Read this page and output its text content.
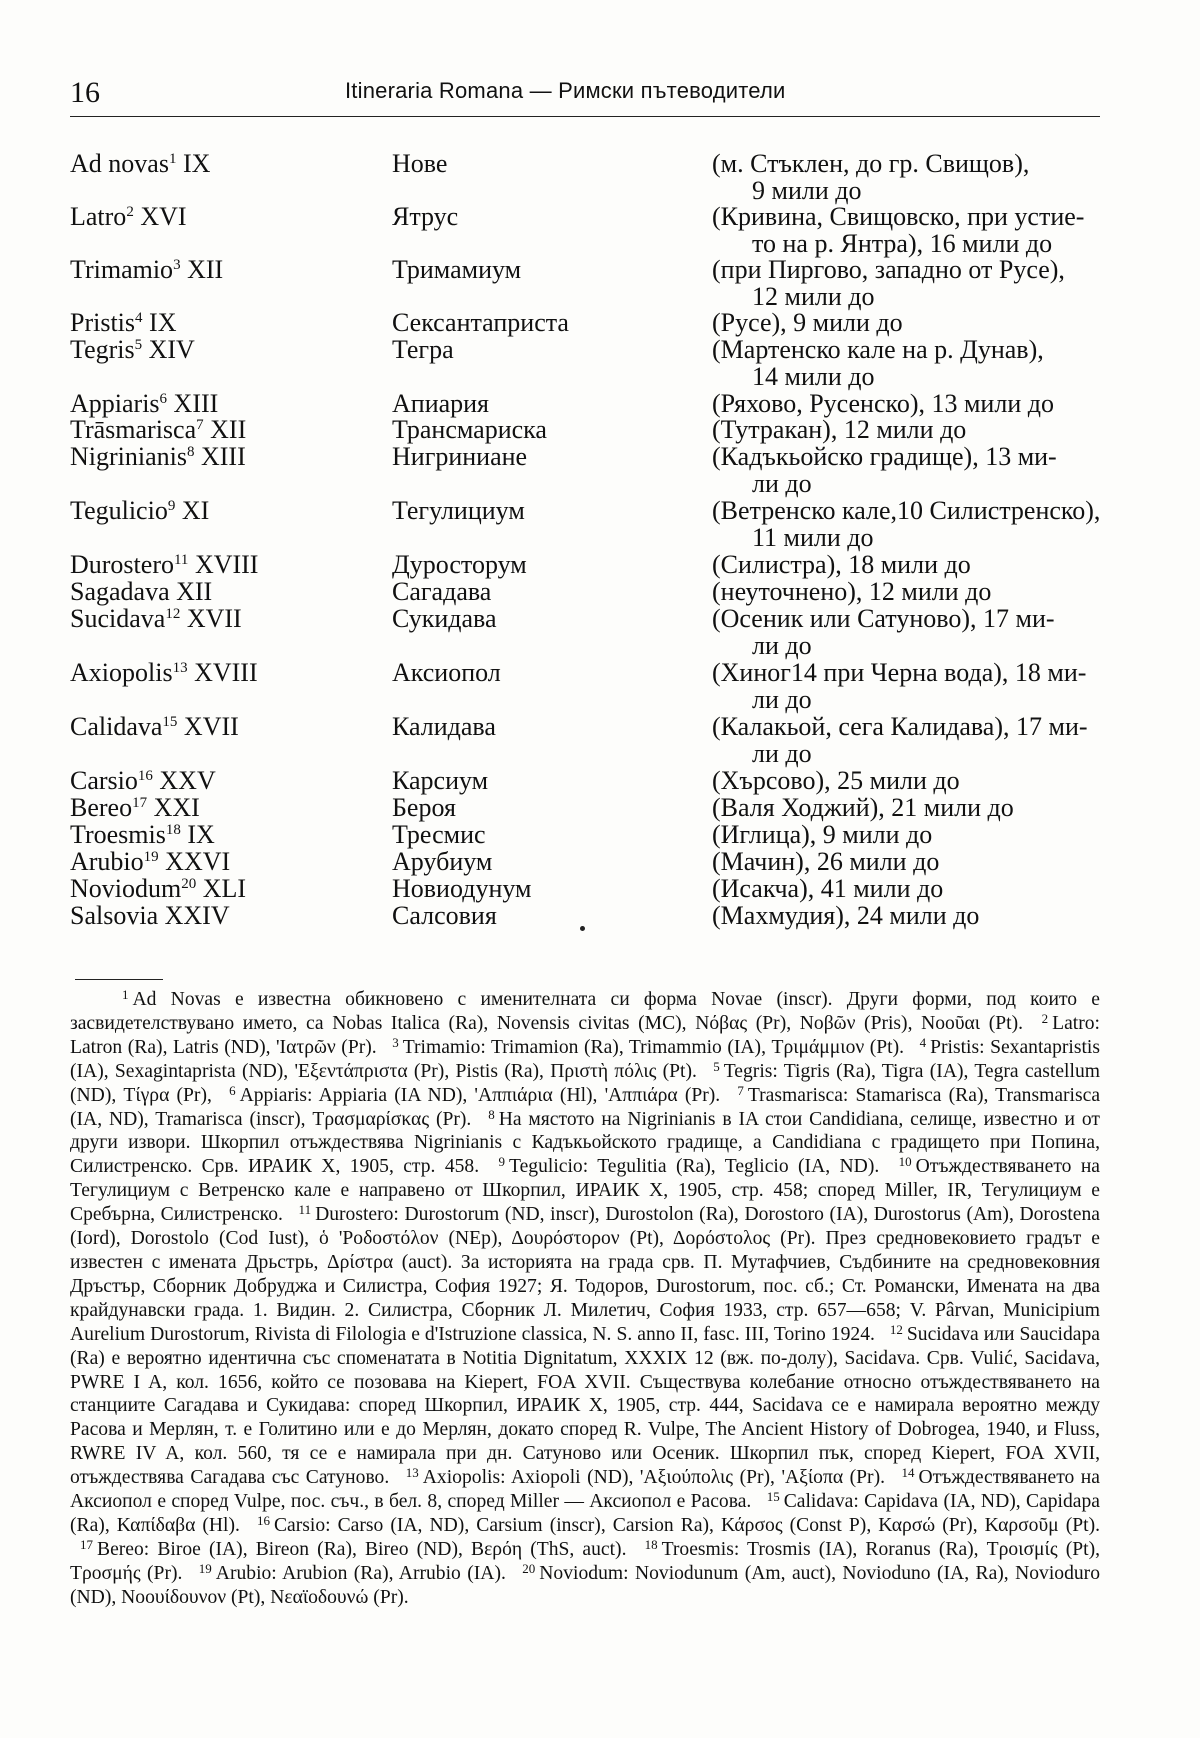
16	Itineraria Romana — Римски пътеводители
Ad novas$^1$ IX	Нове	(м. Стъклен, до гр. Свищов),
9 мили до
Latro$^2$ XVI	Ятрус	(Кривина, Свищовско, при устие-
то на р. Янтра), 16 мили до
Trimamio$^3$ XII	Тримамиум	(при Пиргово, западно от Русе),
12 мили до
Pristis$^4$ IX	Сексантаприста	(Русе), 9 мили до
Tegris$^5$ XIV	Тегра	(Мартенско кале на р. Дунав),
14 мили до
Appiaris$^6$ XIII	Апиария	(Ряхово, Русенско), 13 мили до
Trāsmarisca$^7$ XII	Трансмариска	(Тутракан), 12 мили до
Nigrinianis$^8$ XIII	Нигриниане	(Кадъкьойско градище), 13 ми-
ли до
Tegulicio$^9$ XI	Тегулициум	(Ветренско кале,10 Силистренско),
11 мили до
Durostero$^{11}$ XVIII	Дуросторум	(Силистра), 18 мили до
Sagadava XII	Сагадава	(неуточнено), 12 мили до
Sucidava$^{12}$ XVII	Сукидава	(Осеник или Сатуново), 17 ми-
ли до
Axiopolis$^{13}$ XVIII	Аксиопол	(Хиног14 при Черна вода), 18 ми-
ли до
Calidava$^{15}$ XVII	Калидава	(Калакьой, сега Калидава), 17 ми-
ли до
Carsio$^{16}$ XXV	Карсиум	(Хърсово), 25 мили до
Bereo$^{17}$ XXI	Бероя	(Валя Ходжий), 21 мили до
Troesmis$^{18}$ IX	Тресмис	(Иглица), 9 мили до
Arubio$^{19}$ XXVI	Арубиум	(Мачин), 26 мили до
Noviodum$^{20}$ XLI	Новиодунум	(Исакча), 41 мили до
Salsovia XXIV	Салсовия	(Махмудия), 24 мили до
$^1$ Ad Novas е известна обикновено с именителната си форма Novae (inscr). Други форми, под които е засвидетелствувано името, са Nobas Italica (Ra), Novensis civitas (MC), Νόβας (Pr), Νοβῶν (Pris), Νοοῦαι (Pt). $^2$ Latro: Latron (Ra), Latris (ND), 'Ιατρῶν (Pr). $^3$ Trimamio: Trimamion (Ra), Trimammio (IA), Τριμάμμιον (Pt). $^4$ Pristis: Sexantapristis (IA), Sexagintaprista (ND), 'Εξεντάπριστα (Pr), Pistis (Ra), Πριστὴ πόλις (Pt). $^5$ Tegris: Tigris (Ra), Tigra (IA), Tegra castellum (ND), Τίγρα (Pr), $^6$ Appiaris: Appiaria (IA ND), 'Αππιάρια (Hl), 'Αππιάρα (Pr). $^7$ Trasmarisca: Stamarisca (Ra), Transmarisca (IA, ND), Tramarisca (inscr), Τρασμαρίσκας (Pr). $^8$ На мястото на Nigrinianis в IA стои Candidiana, селище, известно и от други извори. Шкорпил отъждествява Nigrinianis с Кадъкьойското градище, а Candidiana с градището при Попина, Силистренско. Срв. ИРАИК X, 1905, стр. 458. $^9$ Tegulicio: Tegulitia (Ra), Teglicio (IA, ND). $^{10}$ Отъждествяването на Тегулициум с Ветренско кале е направено от Шкорпил, ИРАИК X, 1905, стр. 458; според Miller, IR, Тегулициум е Сребърна, Силистренско. $^{11}$ Durostero: Durostorum (ND, inscr), Durostolon (Ra), Dorostoro (IA), Durostorus (Am), Dorostena (Iord), Dorostolo (Cod Iust), ὁ 'Ροδοστόλον (NEp), Δουρόστορον (Pt), Δορόστολος (Pr). През средновековието градът е известен с имената Дрьстрь, Δρίστρα (auct). За историята на града срв. П. Мутафчиев, Съдбините на средновековния Дръстър, Сборник Добруджа и Силистра, София 1927; Я. Тодоров, Durostorum, пос. сб.; Ст. Романски, Имената на два крайдунавски града. 1. Видин. 2. Силистра, Сборник Л. Милетич, София 1933, стр. 657—658; V. Pârvan, Municipium Aurelium Durostorum, Rivista di Filologia e d'Istruzione classica, N. S. anno II, fasc. III, Torino 1924. $^{12}$ Sucidava или Saucidapa (Ra) е вероятно идентична със споменатата в Notitia Dignitatum, XXXIX 12 (вж. по-долу), Sacidava. Срв. Vulić, Sacidava, PWRE I A, кол. 1656, който се позовава на Kiepert, FOA XVII. Съществува колебание относно отъждествяването на станциите Сагадава и Сукидава: според Шкорпил, ИРАИК X, 1905, стр. 444, Sacidava се е намирала вероятно между Расова и Мерлян, т. е Голитино или е до Мерлян, докато според R. Vulpe, The Ancient History of Dobrogea, 1940, и Fluss, RWRE IV A, кол. 560, тя се е намирала при дн. Сатуново или Осеник. Шкорпил пък, според Kiepert, FOA XVII, отъждествява Сагадава със Сатуново. $^{13}$ Axiopolis: Axiopoli (ND), 'Αξιούπολις (Pr), 'Αξίοπα (Pr). $^{14}$ Отъждествяването на Аксиопол е според Vulpe, пос. съч., в бел. 8, според Miller — Аксиопол е Расова. $^{15}$ Calidava: Capidava (IA, ND), Capidapa (Ra), Καπίδαβα (Hl). $^{16}$ Carsio: Carso (IA, ND), Carsium (inscr), Carsion Ra), Κάρσος (Const P), Καρσώ (Pr), Καρσοῦμ (Pt). $^{17}$ Bereo: Biroe (IA), Bireon (Ra), Bireo (ND), Βερόη (ThS, auct). $^{18}$ Troesmis: Trosmis (IA), Roranus (Ra), Τροισμίς (Pt), Τροσμής (Pr). $^{19}$ Arubio: Arubion (Ra), Arrubio (IA). $^{20}$ Noviodum: Noviodunum (Am, auct), Novioduno (IA, Ra), Novioduro (ND), Νοουίδουνον (Pt), Νεαϊοδουνώ (Pr).
